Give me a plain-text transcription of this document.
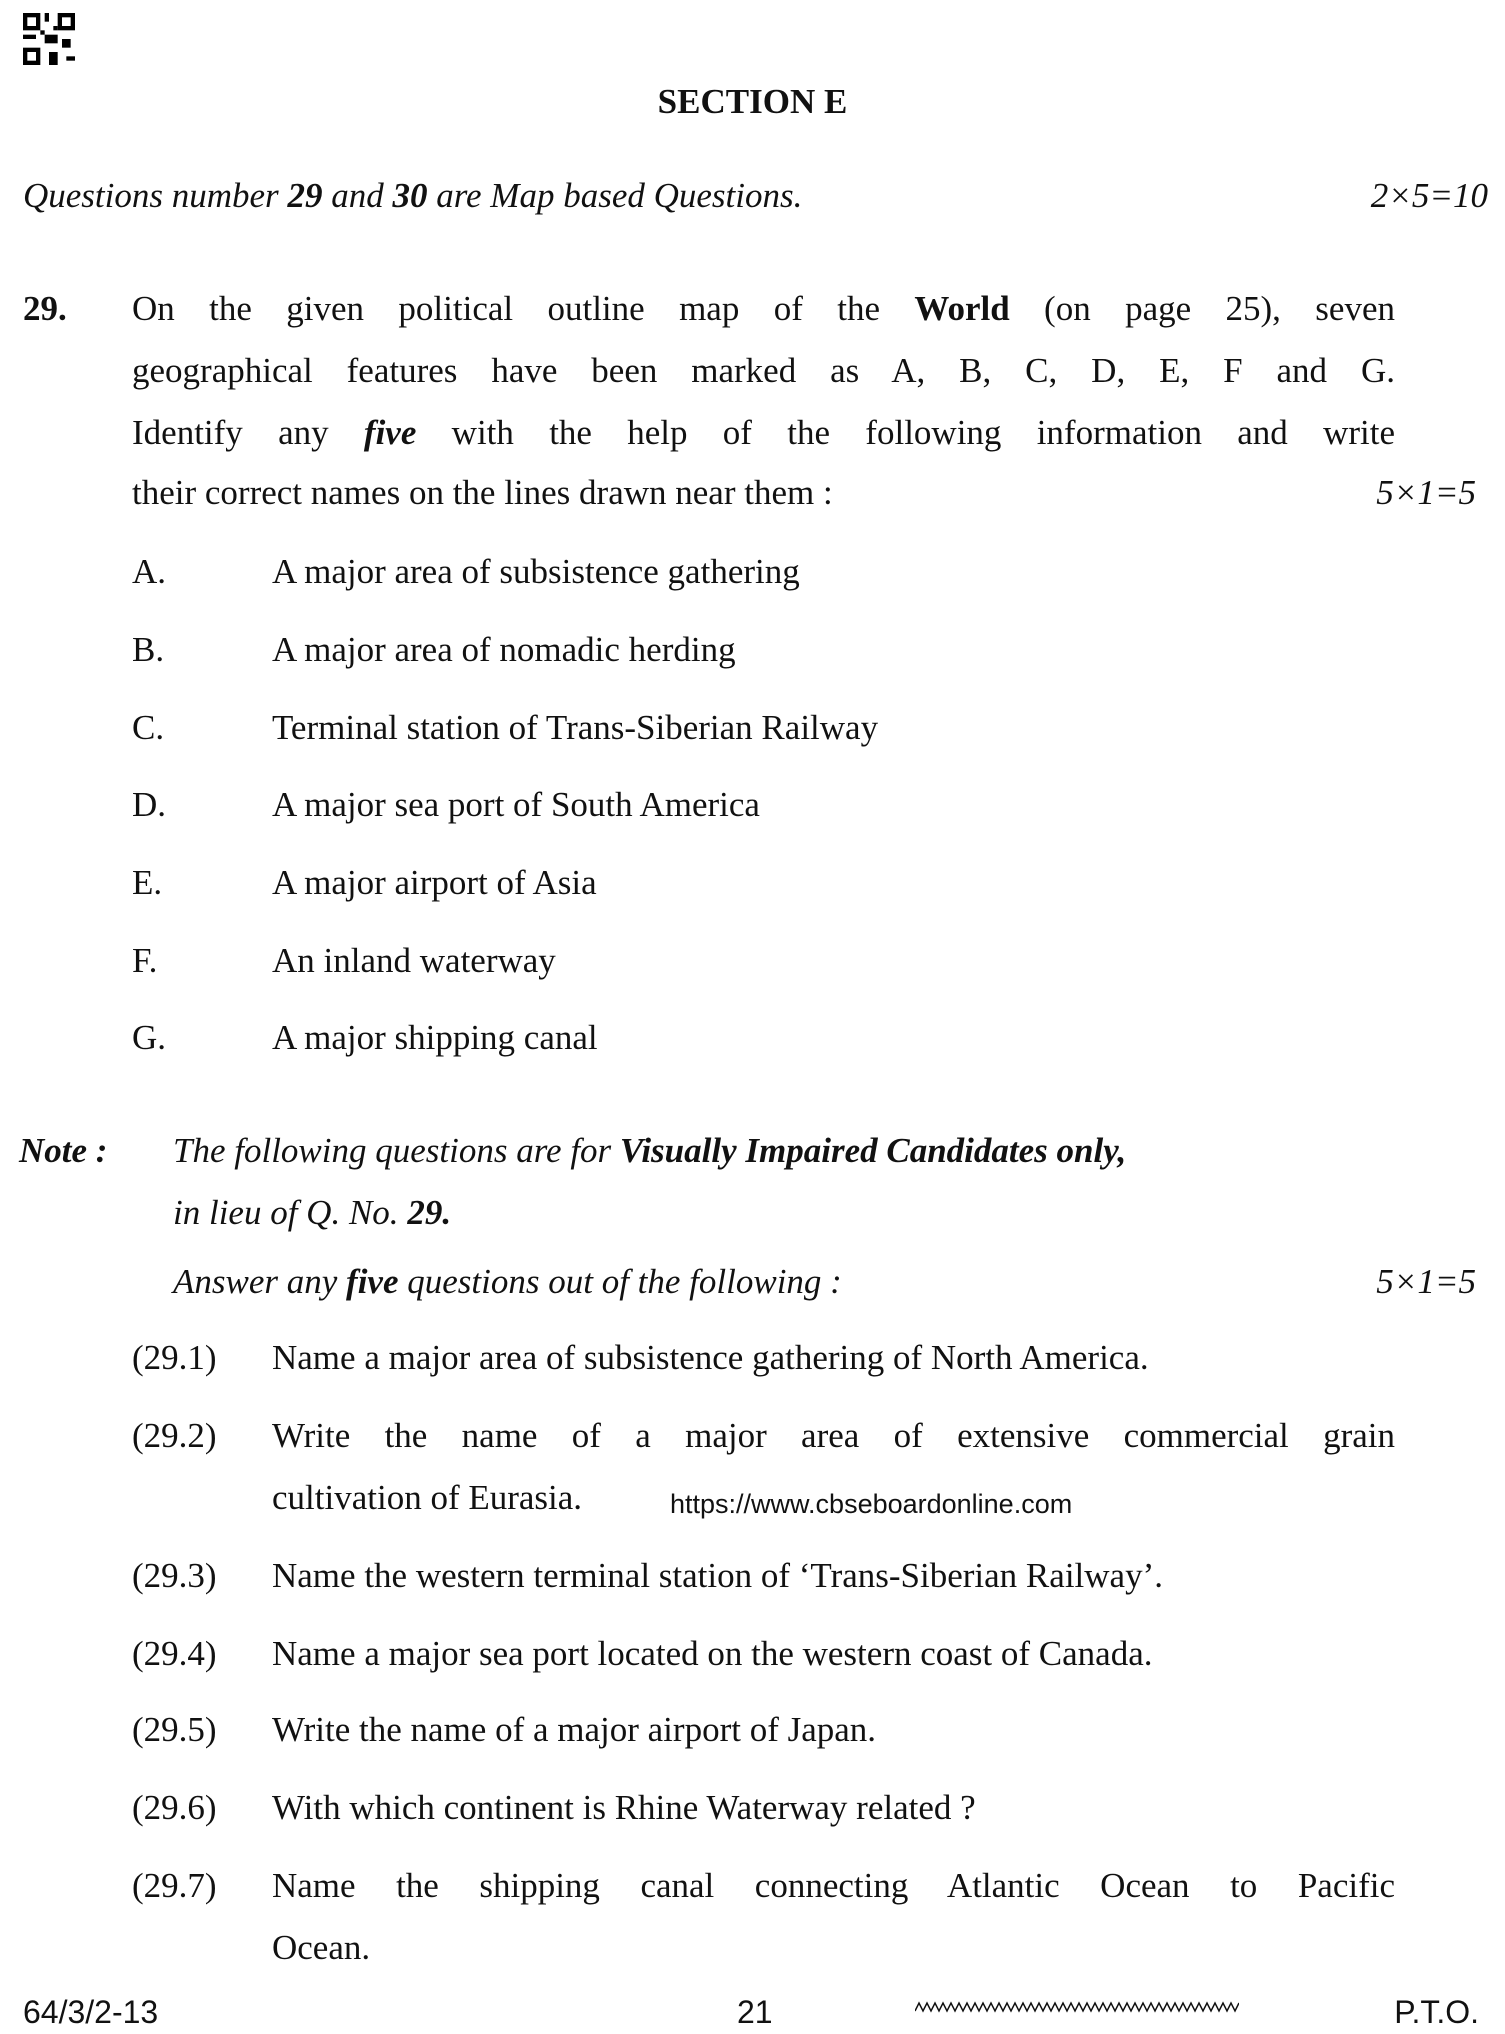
SECTION E
Questions number 29 and 30 are Map based Questions.	2×5=10
29. On the given political outline map of the World (on page 25), seven
geographical features have been marked as A, B, C, D, E, F and G.
Identify any five with the help of the following information and write
their correct names on the lines drawn near them :	5×1=5
A.	A major area of subsistence gathering
B.	A major area of nomadic herding
C.	Terminal station of Trans-Siberian Railway
D.	A major sea port of South America
E.	A major airport of Asia
F.	An inland waterway
G.	A major shipping canal
Note : The following questions are for Visually Impaired Candidates only,
in lieu of Q. No. 29.
Answer any five questions out of the following :	5×1=5
(29.1) Name a major area of subsistence gathering of North America.
(29.2) Write the name of a major area of extensive commercial grain
cultivation of Eurasia.
(29.3) Name the western terminal station of ‘Trans-Siberian Railway’.
(29.4) Name a major sea port located on the western coast of Canada.
(29.5) Write the name of a major airport of Japan.
(29.6) With which continent is Rhine Waterway related ?
(29.7) Name the shipping canal connecting Atlantic Ocean to Pacific
Ocean.
https://www.cbseboardonline.com
64/3/2-13	21	P.T.O.
